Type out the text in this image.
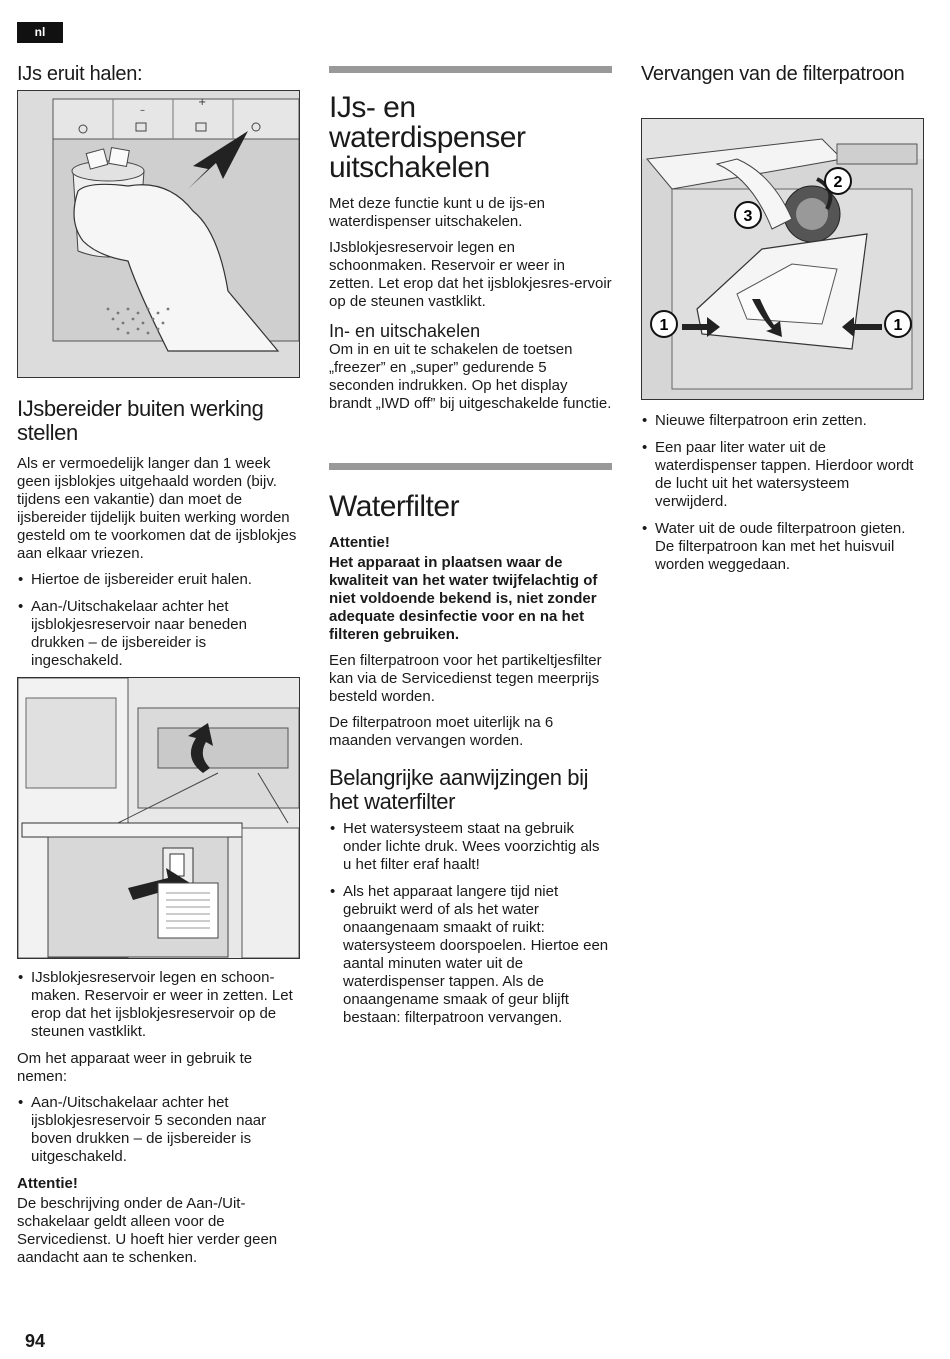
nl
IJs eruit halen:
–
+
IJsbereider buiten werking stellen

Als er vermoedelijk langer dan 1 week geen ijsblokjes uitgehaald worden (bijv. tijdens een vakantie) dan moet de ijsbereider tijdelijk buiten werking worden gesteld om te voorkomen dat de ijsblokjes aan elkaar vriezen.

• Hiertoe de ijsbereider eruit halen.
• Aan-/Uitschakelaar achter het ijsblokjesreservoir naar beneden drukken – de ijsbereider is ingeschakeld.
• IJsblokjesreservoir legen en schoon-maken. Reservoir er weer in zetten. Let erop dat het ijsblokjesreservoir op de steunen vastklikt.

Om het apparaat weer in gebruik te nemen:

• Aan-/Uitschakelaar achter het ijsblokjesreservoir 5 seconden naar boven drukken – de ijsbereider is uitgeschakeld.

Attentie!

De beschrijving onder de Aan-/Uit-schakelaar geldt alleen voor de Servicedienst. U hoeft hier verder geen aandacht aan te schenken.

IJs- en waterdispenser uitschakelen

Met deze functie kunt u de ijs-en waterdispenser uitschakelen.

IJsblokjesreservoir legen en schoonmaken. Reservoir er weer in zetten. Let erop dat het ijsblokjesres-ervoir op de steunen vastklikt.

In- en uitschakelen

Om in en uit te schakelen de toetsen „freezer” en „super” gedurende 5 seconden indrukken. Op het display brandt „IWD off” bij uitgeschakelde functie.

Waterfilter

Attentie!

Het apparaat in plaatsen waar de kwaliteit van het water twijfelachtig of niet voldoende bekend is, niet zonder adequate desinfectie voor en na het filteren gebruiken.

Een filterpatroon voor het partikeltjesfilter kan via de Servicedienst tegen meerprijs besteld worden.

De filterpatroon moet uiterlijk na 6 maanden vervangen worden.

Belangrijke aanwijzingen bij het waterfilter
• Het watersysteem staat na gebruik onder lichte druk. Wees voorzichtig als u het filter eraf haalt!
• Als het apparaat langere tijd niet gebruikt werd of als het water onaangenaam smaakt of ruikt: watersysteem doorspoelen. Hiertoe een aantal minuten water uit de waterdispenser tappen. Als de onaangename smaak of geur blijft bestaan: filterpatroon vervangen.
Vervangen van de filterpatroon
2
3
1	1
• Nieuwe filterpatroon erin zetten.
• Een paar liter water uit de waterdispenser tappen. Hierdoor wordt de lucht uit het watersysteem verwijderd.
• Water uit de oude filterpatroon gieten. De filterpatroon kan met het huisvuil worden weggedaan.
94
